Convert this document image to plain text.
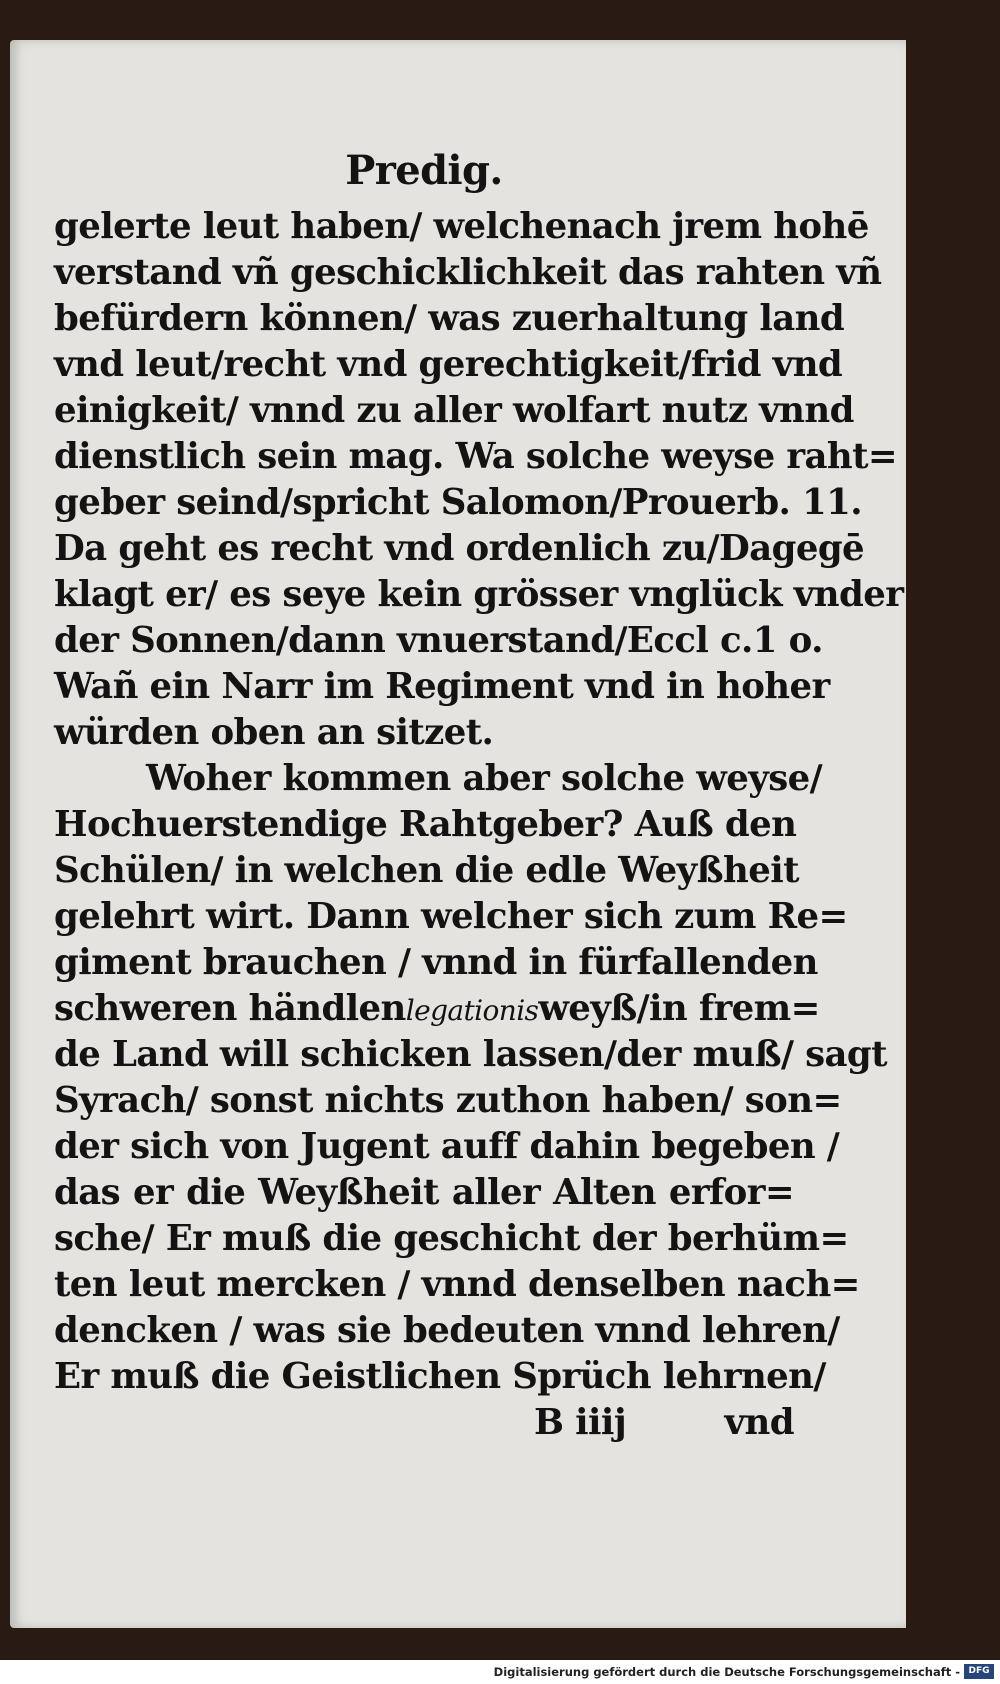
Predig.
gelerte leut haben/ welchenach jrem hohē
verstand vñ geschicklichkeit das rahten vñ
befürdern können/ was zuerhaltung land
vnd leut/recht vnd gerechtigkeit/frid vnd
einigkeit/ vnnd zu aller wolfart nutz vnnd
dienstlich sein mag. Wa solche weyse raht=
geber seind/spricht Salomon/Prouerb. 11.
Da geht es recht vnd ordenlich zu/Dagegē
klagt er/ es seye kein grösser vnglück vnder
der Sonnen/dann vnuerstand/Eccl c.1 o.
Wañ ein Narr im Regiment vnd in hoher
würden oben an sitzet.
Woher kommen aber solche weyse/
Hochuerstendige Rahtgeber? Auß den
Schülen/ in welchen die edle Weyßheit
gelehrt wirt. Dann welcher sich zum Re=
giment brauchen / vnnd in fürfallenden
schweren händlen legationis weyß/in frem=
de Land will schicken lassen/der muß/ sagt
Syrach/ sonst nichts zuthon haben/ son=
der sich von Jugent auff dahin begeben /
das er die Weyßheit aller Alten erfor=
sche/ Er muß die geschicht der berhüm=
ten leut mercken / vnnd denselben nach=
dencken / was sie bedeuten vnnd lehren/
Er muß die Geistlichen Sprüch lehrnen/
B iiij	vnd
Digitalisierung gefördert durch die Deutsche Forschungsgemeinschaft - DFG
